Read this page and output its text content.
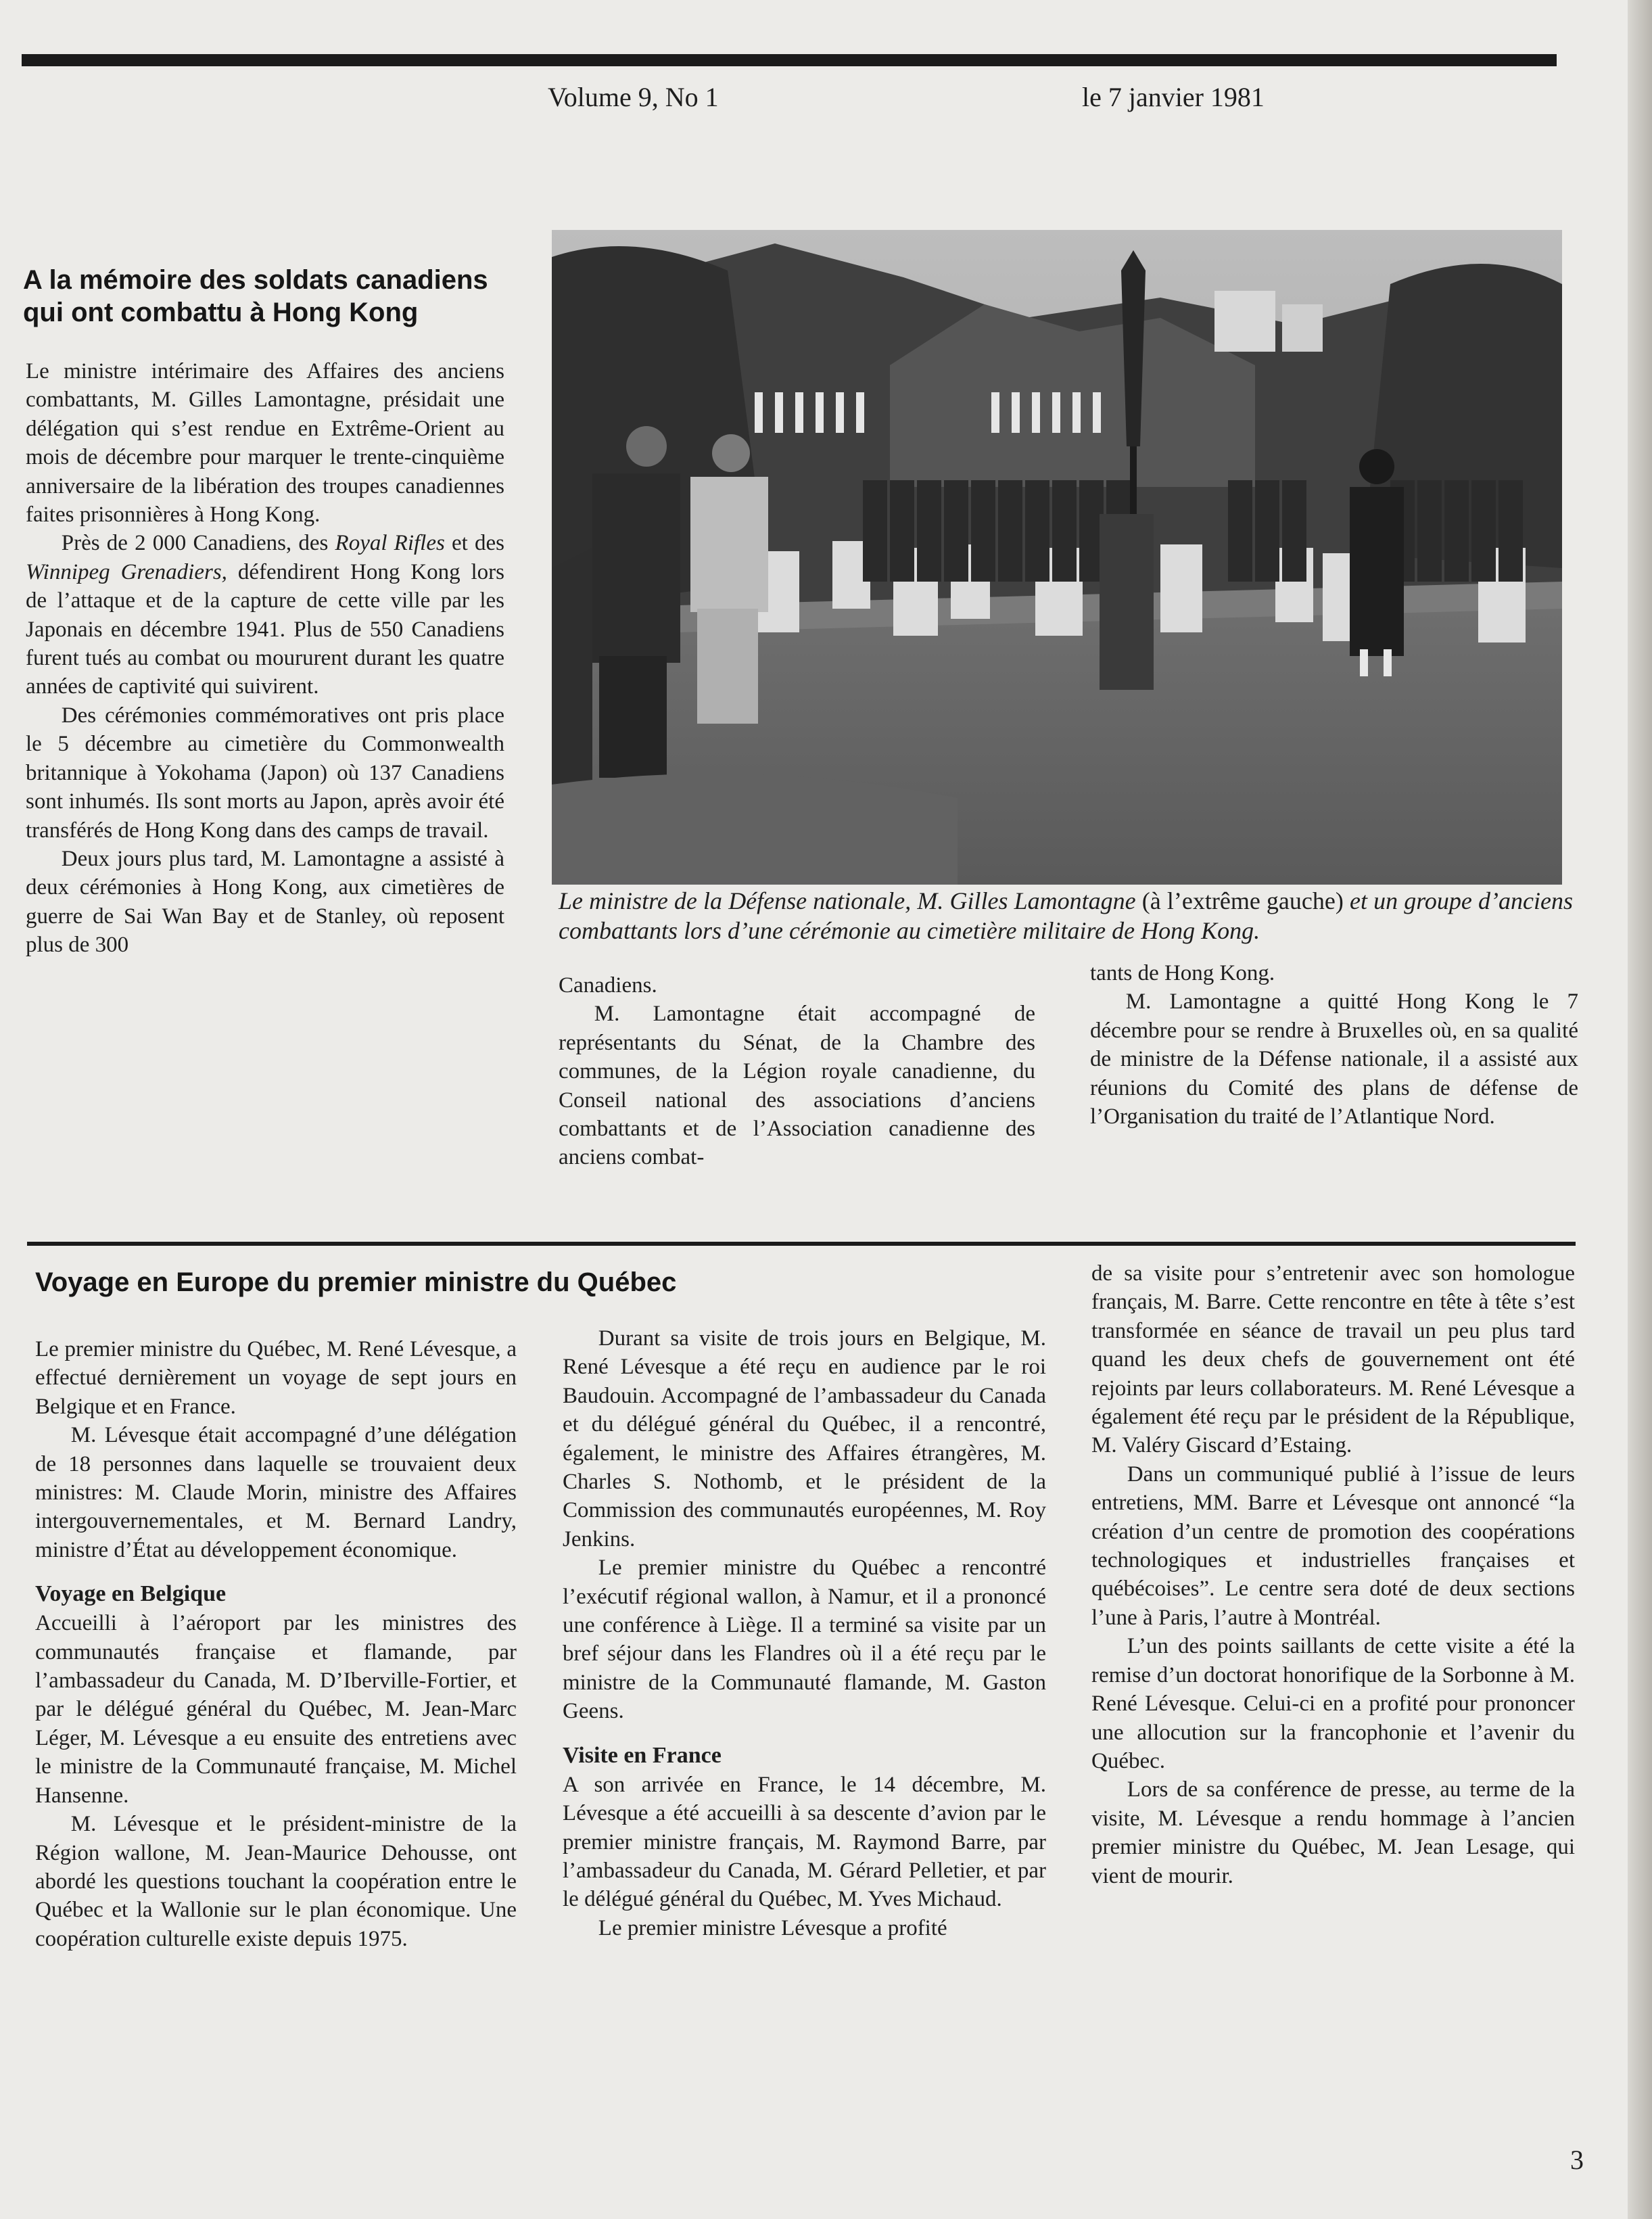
Volume 9, No 1	le 7 janvier 1981
A la mémoire des soldats canadiens qui ont combattu à Hong Kong

Le ministre intérimaire des Affaires des anciens combattants, M. Gilles Lamontagne, présidait une délégation qui s’est rendue en Extrême-Orient au mois de décembre pour marquer le trente-cinquième anniversaire de la libération des troupes canadiennes faites prisonnières à Hong Kong.

Près de 2 000 Canadiens, des Royal Rifles et des Winnipeg Grenadiers, défendirent Hong Kong lors de l’attaque et de la capture de cette ville par les Japonais en décembre 1941. Plus de 550 Canadiens furent tués au combat ou moururent durant les quatre années de captivité qui suivirent.

Des cérémonies commémoratives ont pris place le 5 décembre au cimetière du Commonwealth britannique à Yokohama (Japon) où 137 Canadiens sont inhumés. Ils sont morts au Japon, après avoir été transférés de Hong Kong dans des camps de travail.

Deux jours plus tard, M. Lamontagne a assisté à deux cérémonies à Hong Kong, aux cimetières de guerre de Sai Wan Bay et de Stanley, où reposent plus de 300

Le ministre de la Défense nationale, M. Gilles Lamontagne (à l’extrême gauche) et un groupe d’anciens combattants lors d’une cérémonie au cimetière militaire de Hong Kong.

Canadiens.

M. Lamontagne était accompagné de représentants du Sénat, de la Chambre des communes, de la Légion royale canadienne, du Conseil national des associations d’anciens combattants et de l’Association canadienne des anciens combat-

tants de Hong Kong.

M. Lamontagne a quitté Hong Kong le 7 décembre pour se rendre à Bruxelles où, en sa qualité de ministre de la Défense nationale, il a assisté aux réunions du Comité des plans de défense de l’Organisation du traité de l’Atlantique Nord.

Voyage en Europe du premier ministre du Québec

Le premier ministre du Québec, M. René Lévesque, a effectué dernièrement un voyage de sept jours en Belgique et en France.

M. Lévesque était accompagné d’une délégation de 18 personnes dans laquelle se trouvaient deux ministres: M. Claude Morin, ministre des Affaires intergouvernementales, et M. Bernard Landry, ministre d’État au développement économique.

Voyage en Belgique

Accueilli à l’aéroport par les ministres des communautés française et flamande, par l’ambassadeur du Canada, M. D’Iberville-Fortier, et par le délégué général du Québec, M. Jean-Marc Léger, M. Lévesque a eu ensuite des entretiens avec le ministre de la Communauté française, M. Michel Hansenne.

M. Lévesque et le président-ministre de la Région wallone, M. Jean-Maurice Dehousse, ont abordé les questions touchant la coopération entre le Québec et la Wallonie sur le plan économique. Une coopération culturelle existe depuis 1975.

Durant sa visite de trois jours en Belgique, M. René Lévesque a été reçu en audience par le roi Baudouin. Accompagné de l’ambassadeur du Canada et du délégué général du Québec, il a rencontré, également, le ministre des Affaires étrangères, M. Charles S. Nothomb, et le président de la Commission des communautés européennes, M. Roy Jenkins.

Le premier ministre du Québec a rencontré l’exécutif régional wallon, à Namur, et il a prononcé une conférence à Liège. Il a terminé sa visite par un bref séjour dans les Flandres où il a été reçu par le ministre de la Communauté flamande, M. Gaston Geens.

Visite en France

A son arrivée en France, le 14 décembre, M. Lévesque a été accueilli à sa descente d’avion par le premier ministre français, M. Raymond Barre, par l’ambassadeur du Canada, M. Gérard Pelletier, et par le délégué général du Québec, M. Yves Michaud.

Le premier ministre Lévesque a profité

de sa visite pour s’entretenir avec son homologue français, M. Barre. Cette rencontre en tête à tête s’est transformée en séance de travail un peu plus tard quand les deux chefs de gouvernement ont été rejoints par leurs collaborateurs. M. René Lévesque a également été reçu par le président de la République, M. Valéry Giscard d’Estaing.

Dans un communiqué publié à l’issue de leurs entretiens, MM. Barre et Lévesque ont annoncé “la création d’un centre de promotion des coopérations technologiques et industrielles françaises et québécoises”. Le centre sera doté de deux sections l’une à Paris, l’autre à Montréal.

L’un des points saillants de cette visite a été la remise d’un doctorat honorifique de la Sorbonne à M. René Lévesque. Celui-ci en a profité pour prononcer une allocution sur la francophonie et l’avenir du Québec.

Lors de sa conférence de presse, au terme de la visite, M. Lévesque a rendu hommage à l’ancien premier ministre du Québec, M. Jean Lesage, qui vient de mourir.

3
